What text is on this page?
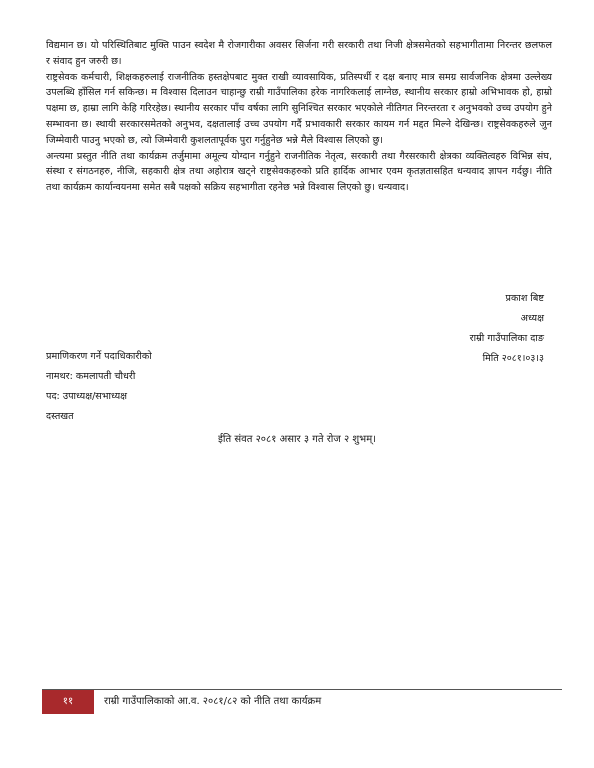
विद्यमान छ। यो परिस्थितिबाट मुक्ति पाउन स्वदेश मै रोजगारीका अवसर सिर्जना गरी सरकारी तथा निजी क्षेत्रसमेतको सहभागीतामा निरन्तर छलफल र संवाद हुन जरुरी छ।

राष्ट्रसेवक कर्मचारी, शिक्षकहरुलाई राजनीतिक हस्तक्षेपबाट मुक्त राखी व्यावसायिक, प्रतिस्पर्धी र दक्ष बनाए मात्र समग्र सार्वजनिक क्षेत्रमा उल्लेख्य उपलब्धि हाँसिल गर्न सकिन्छ। म विश्वास दिलाउन चाहान्छु राम्री गाउँपालिका हरेक नागरिकलाई लाग्नेछ, स्थानीय सरकार हाम्रो अभिभावक हो, हाम्रो पक्षमा छ, हाम्रा लागि केहि गरिरहेछ। स्थानीय सरकार पाँच वर्षका लागि सुनिश्चित सरकार भएकोले नीतिगत निरन्तरता र अनुभवको उच्च उपयोग हुने सम्भावना छ। स्थायी सरकारसमेतको अनुभव, दक्षतालाई उच्च उपयोग गर्दै प्रभावकारी सरकार कायम गर्न मद्दत मिल्ने देखिन्छ। राष्ट्रसेवकहरुले जुन जिम्मेवारी पाउनु भएको छ, त्यो जिम्मेवारी कुशलतापूर्वक पुरा गर्नुहुनेछ भन्ने मैले विश्वास लिएको छु।

अन्त्यमा प्रस्तुत नीति तथा कार्यक्रम तर्जुमामा अमूल्य योग्दान गर्नुहुने राजनीतिक नेतृत्व, सरकारी तथा गैरसरकारी क्षेत्रका व्यक्तित्वहरु विभिन्न संघ, संस्था र संगठनहरु, नीजि, सहकारी क्षेत्र तथा अहोरात्र खट्ने राष्ट्रसेवकहरुको प्रति हार्दिक आभार एवम कृतज्ञतासहित धन्यवाद ज्ञापन गर्दछु। नीति तथा कार्यक्रम कार्यान्वयनमा समेत सबै पक्षको सक्रिय सहभागीता रहनेछ भन्ने विश्वास लिएको छु। धन्यवाद।

प्रकाश बिष्ट
अध्यक्ष
राम्री गाउँपालिका दाङ
मिति २०८१।०३।३
प्रमाणिकरण गर्ने पदाधिकारीको
नामथर: कमलापती चौधरी
पद: उपाध्यक्ष/सभाध्यक्ष
दस्तखत
ईति संवत २०८१ असार ३ गते रोज २ शुभम्।
११	राम्री गाउँपालिकाको आ.व. २०८१/८२ को नीति तथा कार्यक्रम
